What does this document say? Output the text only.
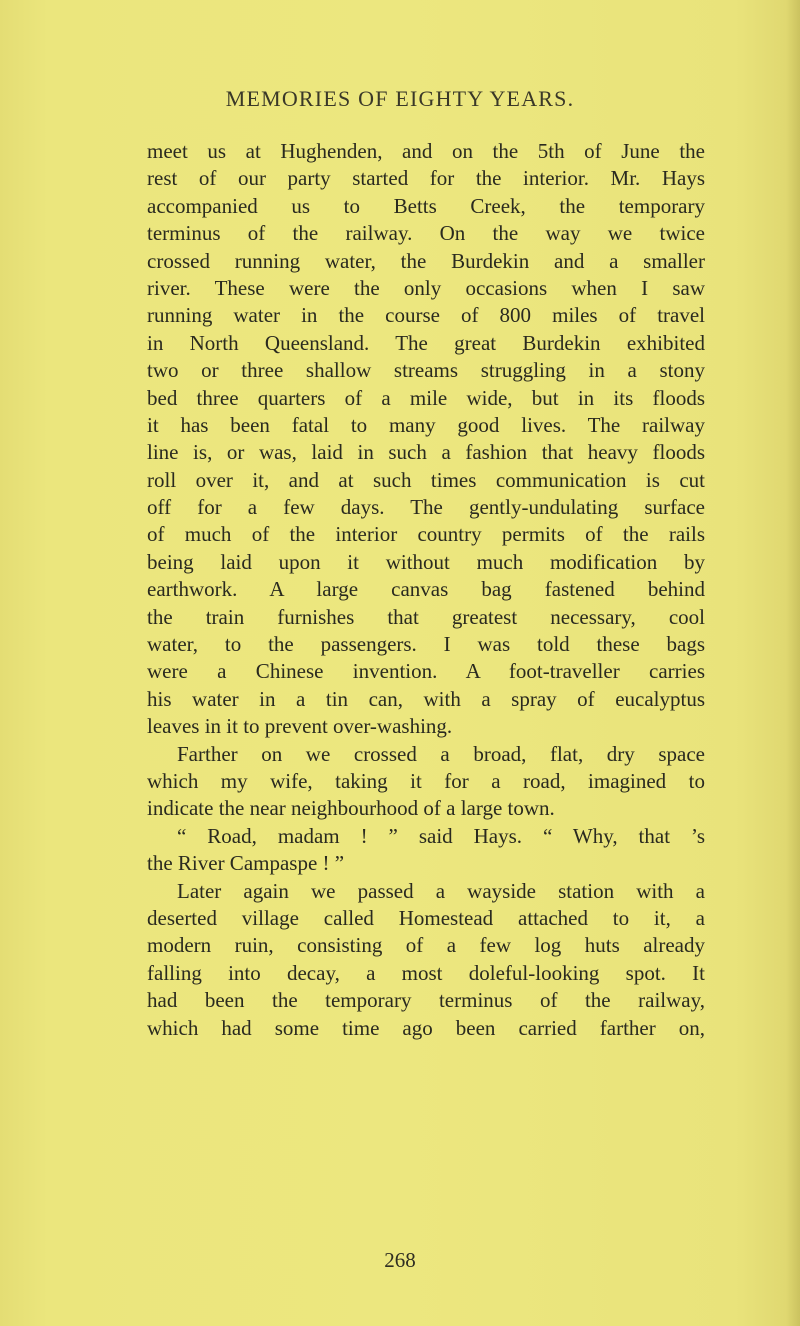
MEMORIES OF EIGHTY YEARS.
meet us at Hughenden, and on the 5th of June the
rest of our party started for the interior. Mr. Hays
accompanied us to Betts Creek, the temporary
terminus of the railway. On the way we twice
crossed running water, the Burdekin and a smaller
river. These were the only occasions when I saw
running water in the course of 800 miles of travel
in North Queensland. The great Burdekin exhibited
two or three shallow streams struggling in a stony
bed three quarters of a mile wide, but in its floods
it has been fatal to many good lives. The railway
line is, or was, laid in such a fashion that heavy floods
roll over it, and at such times communication is cut
off for a few days. The gently-undulating surface
of much of the interior country permits of the rails
being laid upon it without much modification by
earthwork. A large canvas bag fastened behind
the train furnishes that greatest necessary, cool
water, to the passengers. I was told these bags
were a Chinese invention. A foot-traveller carries
his water in a tin can, with a spray of eucalyptus
leaves in it to prevent over-washing.
Farther on we crossed a broad, flat, dry space
which my wife, taking it for a road, imagined to
indicate the near neighbourhood of a large town.
“ Road, madam ! ” said Hays. “ Why, that ’s
the River Campaspe ! ”
Later again we passed a wayside station with a
deserted village called Homestead attached to it, a
modern ruin, consisting of a few log huts already
falling into decay, a most doleful-looking spot. It
had been the temporary terminus of the railway,
which had some time ago been carried farther on,
268
